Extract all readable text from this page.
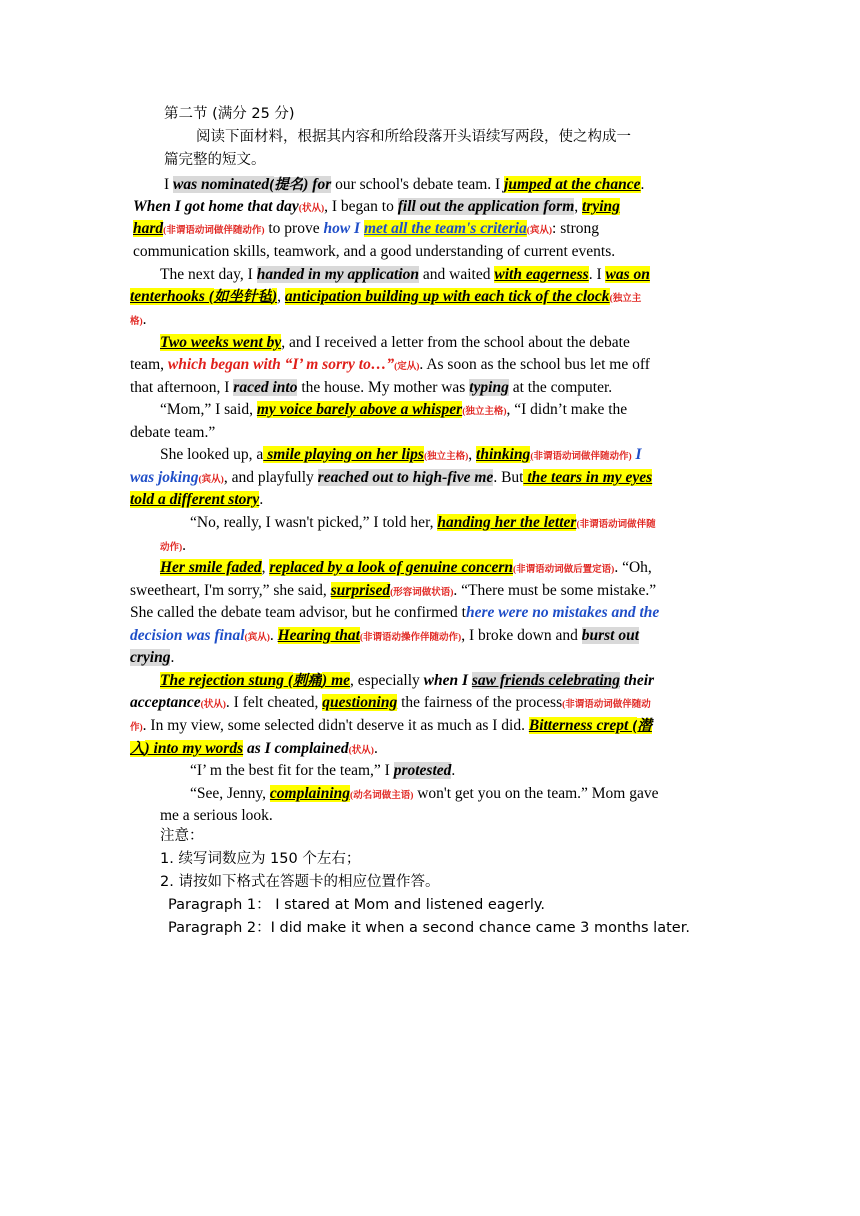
第二节 (满分 25 分)
阅读下面材料，根据其内容和所给段落开头语续写两段，使之构成一
篇完整的短文。
I was nominated(提名) for our school's debate team. I jumped at the chance.
When I got home that day(状从), I began to fill out the application form, trying
hard(非谓语动词做伴随动作) to prove how I met all the team's criteria(宾从): strong
communication skills, teamwork, and a good understanding of current events.
The next day, I handed in my application and waited with eagerness. I was on
tenterhooks (如坐针毡), anticipation building up with each tick of the clock(独立主
格).
Two weeks went by, and I received a letter from the school about the debate
team, which began with “I’ m sorry to…”(定从). As soon as the school bus let me off
that afternoon, I raced into the house. My mother was typing at the computer.
“Mom,” I said, my voice barely above a whisper(独立主格), “I didn’t make the
debate team.”
She looked up, a smile playing on her lips(独立主格), thinking(非谓语动词做伴随动作) I
was joking(宾从), and playfully reached out to high-five me. But the tears in my eyes
told a different story.
“No, really, I wasn't picked,” I told her, handing her the letter(非谓语动词做伴随
动作).
Her smile faded, replaced by a look of genuine concern(非谓语动词做后置定语). “Oh,
sweetheart, I'm sorry,” she said, surprised(形容词做状语). “There must be some mistake.”
She called the debate team advisor, but he confirmed there were no mistakes and the
decision was final(宾从). Hearing that(非谓语动操作伴随动作), I broke down and burst out
crying.
The rejection stung (刺痛) me, especially when I saw friends celebrating their
acceptance(状从). I felt cheated, questioning the fairness of the process(非谓语动词做伴随动
作). In my view, some selected didn't deserve it as much as I did. Bitterness crept (潜
入) into my words as I complained(状从).
“I’ m the best fit for the team,” I protested.
“See, Jenny, complaining(动名词做主语) won't get you on the team.” Mom gave
me a serious look.
注意：
1. 续写词数应为 150 个左右；
2. 请按如下格式在答题卡的相应位置作答。
Paragraph 1： I stared at Mom and listened eagerly.
Paragraph 2：I did make it when a second chance came 3 months later.
